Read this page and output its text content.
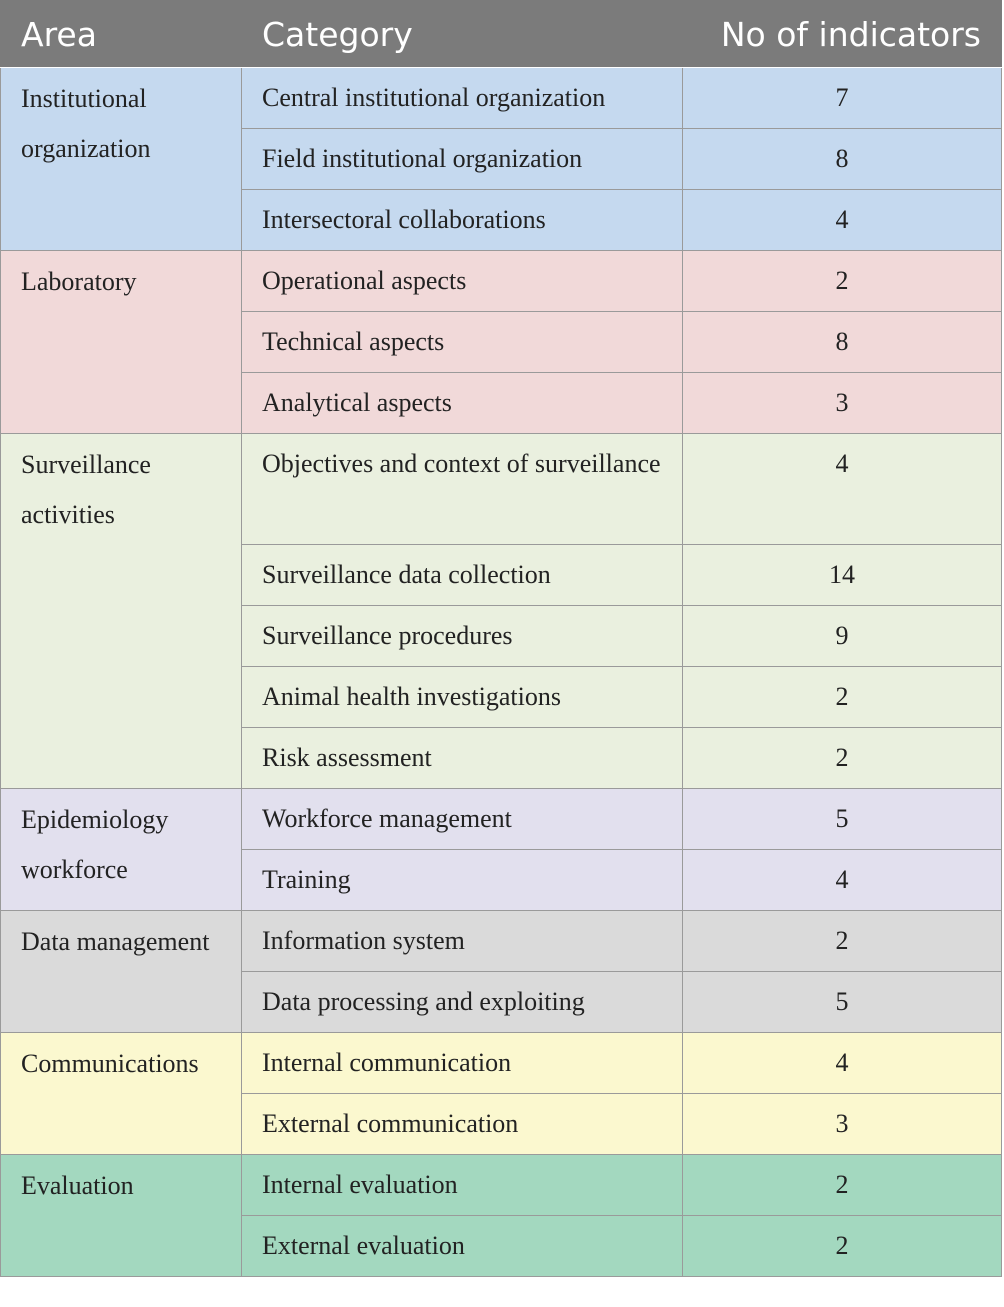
Area	Category	No of indicators
Institutional organization	Central institutional organization	7
	Field institutional organization	8
	Intersectoral collaborations	4
Laboratory	Operational aspects	2
	Technical aspects	8
	Analytical aspects	3
Surveillance activities	Objectives and context of surveillance	4
	Surveillance data collection	14
	Surveillance procedures	9
	Animal health investigations	2
	Risk assessment	2
Epidemiology workforce	Workforce management	5
	Training	4
Data management	Information system	2
	Data processing and exploiting	5
Communications	Internal communication	4
	External communication	3
Evaluation	Internal evaluation	2
	External evaluation	2
